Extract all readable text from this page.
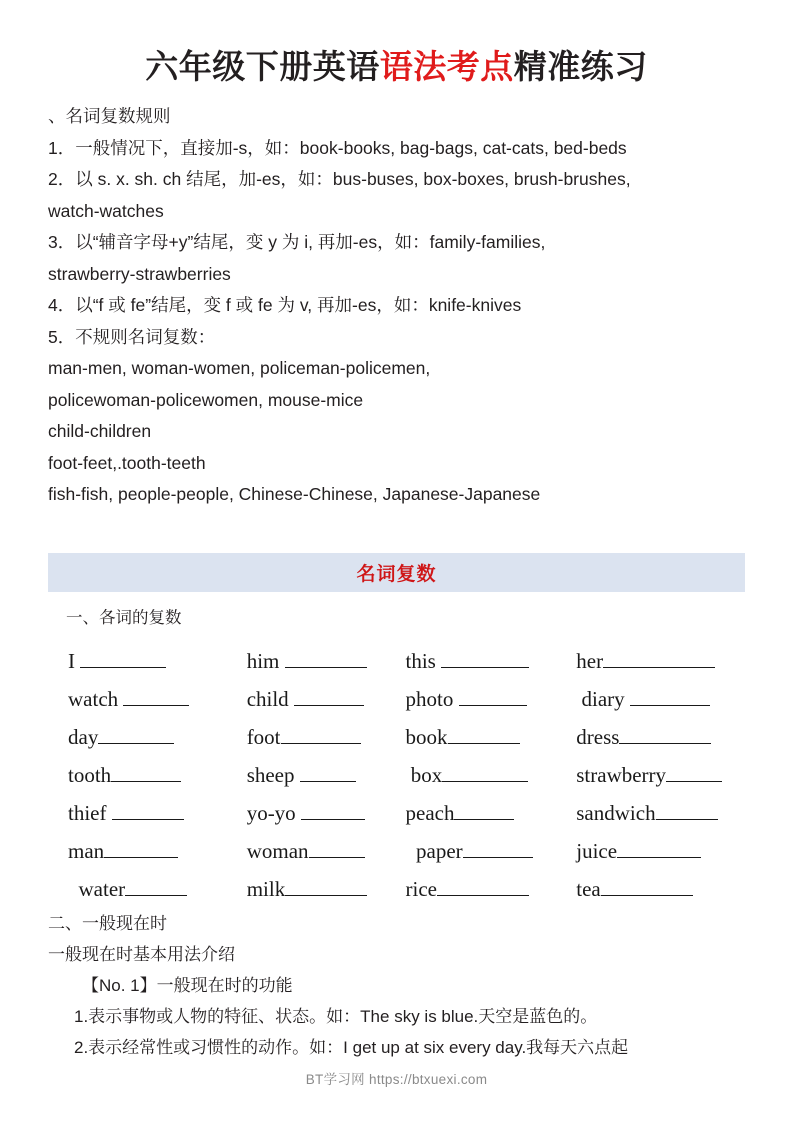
六年级下册英语语法考点精准练习
、名词复数规则
1．一般情况下，直接加-s，如：book-books, bag-bags, cat-cats, bed-beds
2．以 s. x. sh. ch 结尾，加-es，如：bus-buses, box-boxes, brush-brushes,
watch-watches
3．以“辅音字母+y”结尾，变 y 为 i, 再加-es，如：family-families,
strawberry-strawberries
4．以“f 或 fe”结尾，变 f 或 fe 为 v, 再加-es，如：knife-knives
5．不规则名词复数：
man-men, woman-women, policeman-policemen,
policewoman-policewomen, mouse-mice
child-children
foot-feet,.tooth-teeth
fish-fish, people-people, Chinese-Chinese, Japanese-Japanese
名词复数
一、各词的复数
I	him	this	her
watch	child	photo	diary
day	foot	book	dress
tooth	sheep	box	strawberry
thief	yo-yo	peach	sandwich
man	woman	paper	juice
water	milk	rice	tea
二、一般现在时
一般现在时基本用法介绍
【No. 1】一般现在时的功能
1.表示事物或人物的特征、状态。如：The sky is blue.天空是蓝色的。
2.表示经常性或习惯性的动作。如：I get up at six every day.我每天六点起
BT学习网 https://btxuexi.com
